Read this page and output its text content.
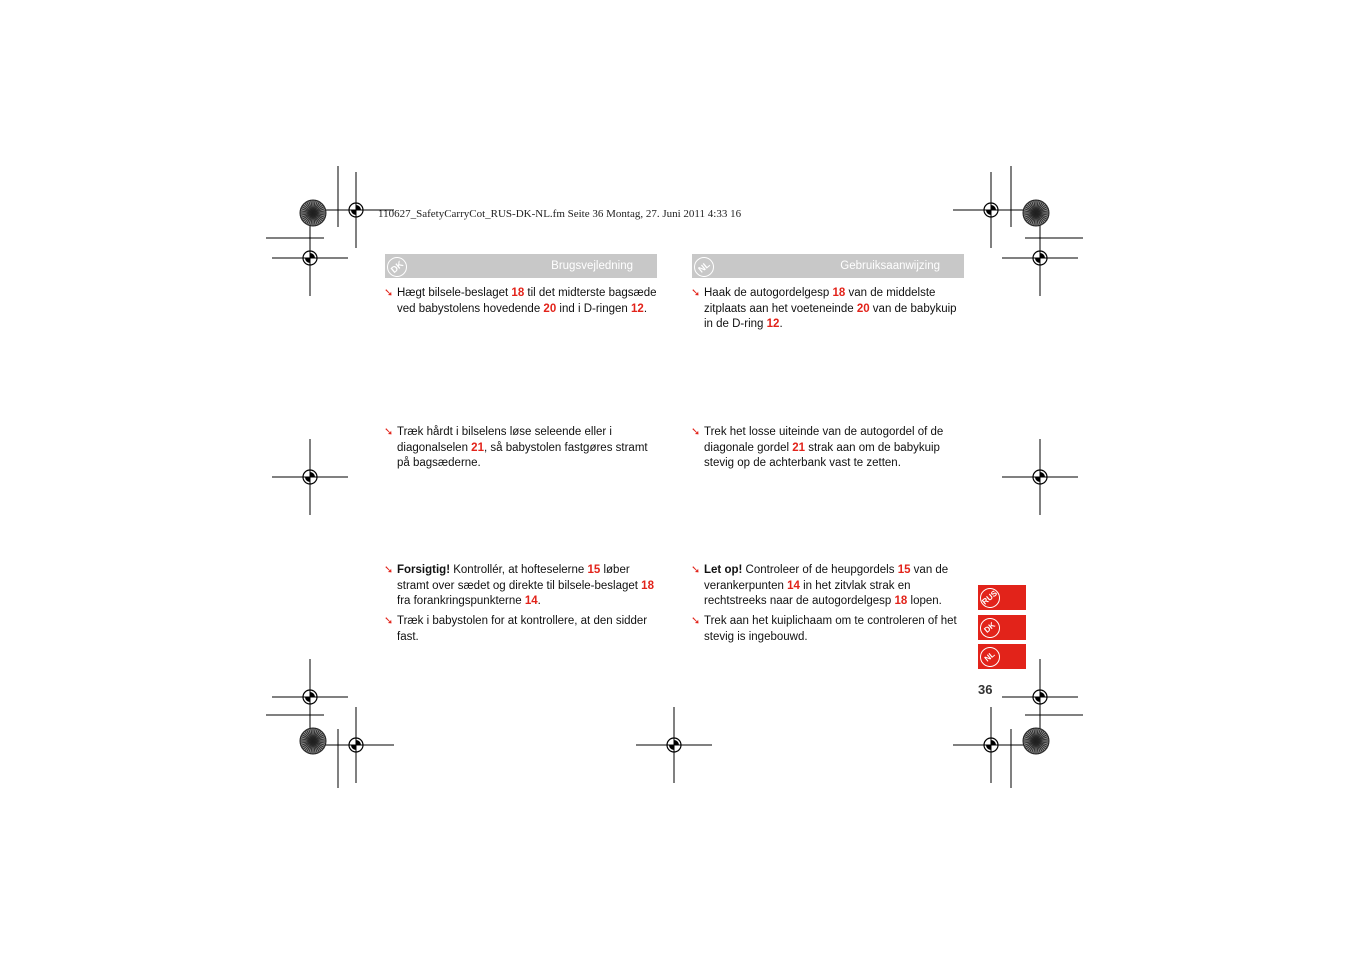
110627_SafetyCarryCot_RUS-DK-NL.fm Seite 36 Montag, 27. Juni 2011 4:33 16
DK	Brugsvejledning

➘ Hægt bilsele-beslaget 18 til det midterste bagsæde ved babystolens hovedende 20 ind i D-ringen 12.

➘ Træk hårdt i bilselens løse seleende eller i diagonalselen 21, så babystolen fastgøres stramt på bagsæderne.

➘ Forsigtig! Kontrollér, at hofteselerne 15 løber stramt over sædet og direkte til bilsele-beslaget 18 fra forankringspunkterne 14.

➘ Træk i babystolen for at kontrollere, at den sidder fast.

NL	Gebruiksaanwijzing

➘ Haak de autogordelgesp 18 van de middelste zitplaats aan het voeteneinde 20 van de babykuip in de D-ring 12.

➘ Trek het losse uiteinde van de autogordel of de diagonale gordel 21 strak aan om de babykuip stevig op de achterbank vast te zetten.

➘ Let op! Controleer of de heupgordels 15 van de verankerpunten 14 in het zitvlak strak en rechtstreeks naar de autogordelgesp 18 lopen.

➘ Trek aan het kuiplichaam om te controleren of het stevig is ingebouwd.

RUS
DK
NL
36
